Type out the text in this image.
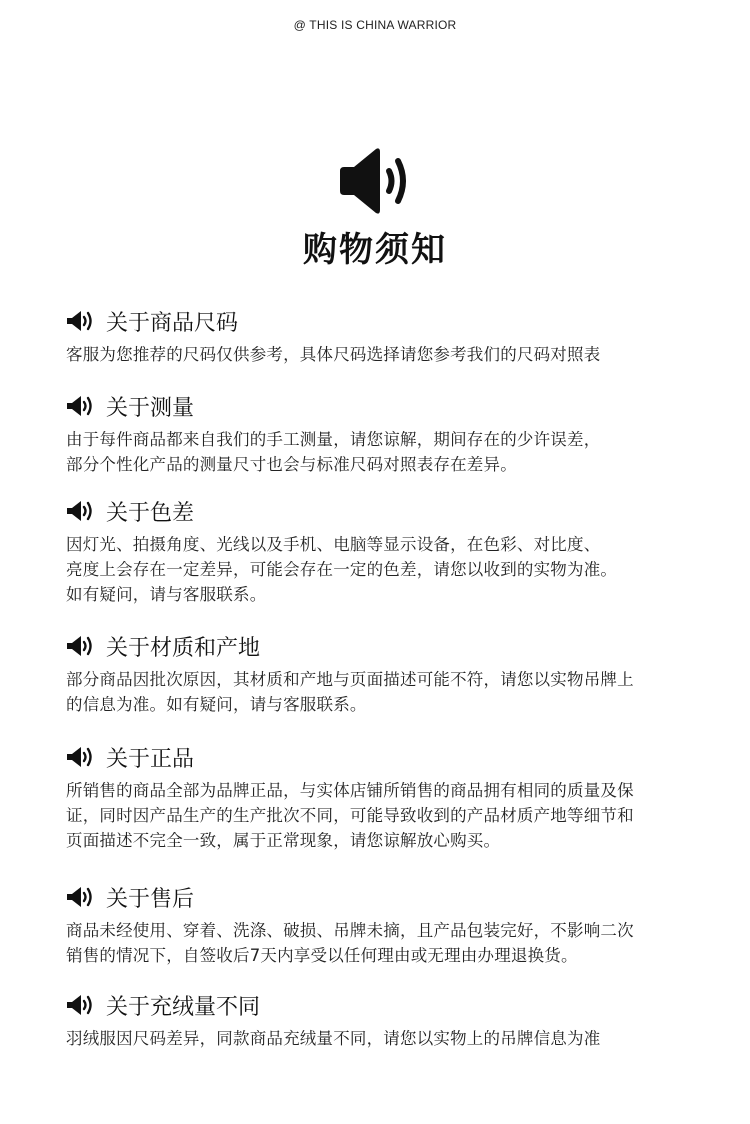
@ THIS IS CHINA WARRIOR
购物须知
关于商品尺码
客服为您推荐的尺码仅供参考，具体尺码选择请您参考我们的尺码对照表
关于测量
由于每件商品都来自我们的手工测量，请您谅解，期间存在的少许误差，
部分个性化产品的测量尺寸也会与标准尺码对照表存在差异。
关于色差
因灯光、拍摄角度、光线以及手机、电脑等显示设备，在色彩、对比度、
亮度上会存在一定差异，可能会存在一定的色差，请您以收到的实物为准。
如有疑问，请与客服联系。
关于材质和产地
部分商品因批次原因，其材质和产地与页面描述可能不符，请您以实物吊牌上
的信息为准。如有疑问，请与客服联系。
关于正品
所销售的商品全部为品牌正品，与实体店铺所销售的商品拥有相同的质量及保
证，同时因产品生产的生产批次不同，可能导致收到的产品材质产地等细节和
页面描述不完全一致，属于正常现象，请您谅解放心购买。
关于售后
商品未经使用、穿着、洗涤、破损、吊牌未摘，且产品包装完好，不影响二次
销售的情况下，自签收后7天内享受以任何理由或无理由办理退换货。
关于充绒量不同
羽绒服因尺码差异，同款商品充绒量不同，请您以实物上的吊牌信息为准
